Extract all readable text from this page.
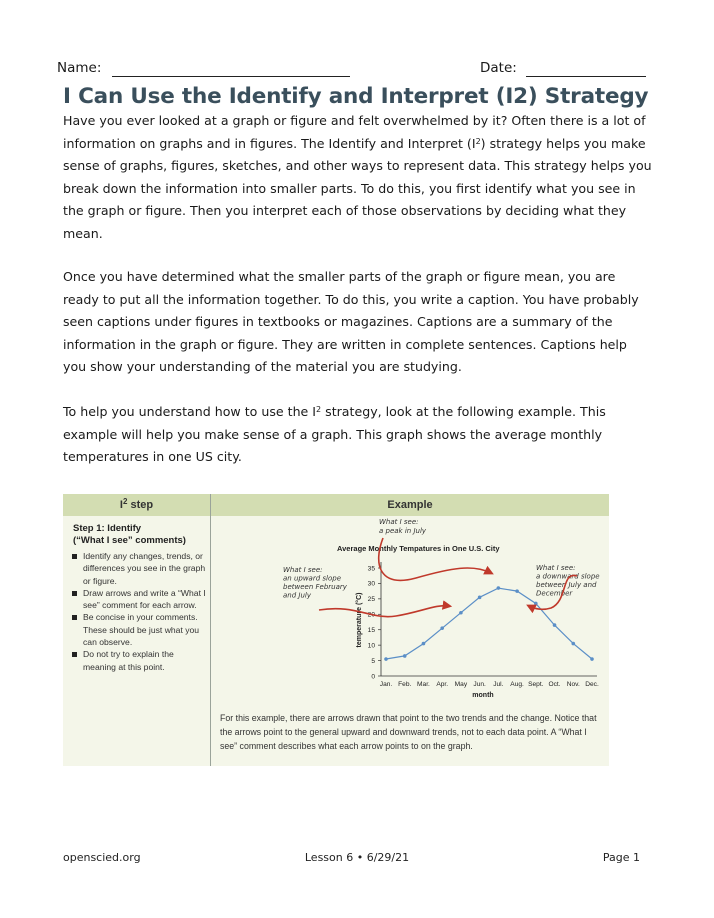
Name:	Date:
I Can Use the Identify and Interpret (I2) Strategy

Have you ever looked at a graph or figure and felt overwhelmed by it? Often there is a lot of information on graphs and in figures. The Identify and Interpret $(I^2)$ strategy helps you make sense of graphs, figures, sketches, and other ways to represent data. This strategy helps you break down the information into smaller parts. To do this, you first identify what you see in the graph or figure. Then you interpret each of those observations by deciding what they mean.

Once you have determined what the smaller parts of the graph or figure mean, you are ready to put all the information together. To do this, you write a caption. You have probably seen captions under figures in textbooks or magazines. Captions are a summary of the information in the graph or figure. They are written in complete sentences. Captions help you show your understanding of the material you are studying.

To help you understand how to use the $I^2$ strategy, look at the following example. This example will help you make sense of a graph. This graph shows the average monthly temperatures in one US city.

$I^2$ step	Example
Step 1: Identify
(“What I see” comments)
Identify any changes, trends, or differences you see in the graph or figure.
Draw arrows and write a “What I see” comment for each arrow.
Be concise in your comments. These should be just what you can observe.
Do not try to explain the meaning at this point.
Average Monthly Tempatures in One U.S. City
0
5
10
15
20
25
30
35
Jan. Feb. Mar. Apr. May Jun. Jul. Aug. Sept. Oct. Nov. Dec.
month
temperature (°C)
What I see: a peak in July
What I see: an upward slope between February and July
What I see: a downward slope between July and December
For this example, there are arrows drawn that point to the two trends and the change. Notice that the arrows point to the general upward and downward trends, not to each data point. A “What I see” comment describes what each arrow points to on the graph.
openscied.org	Lesson 6 • 6/29/21	Page 1
